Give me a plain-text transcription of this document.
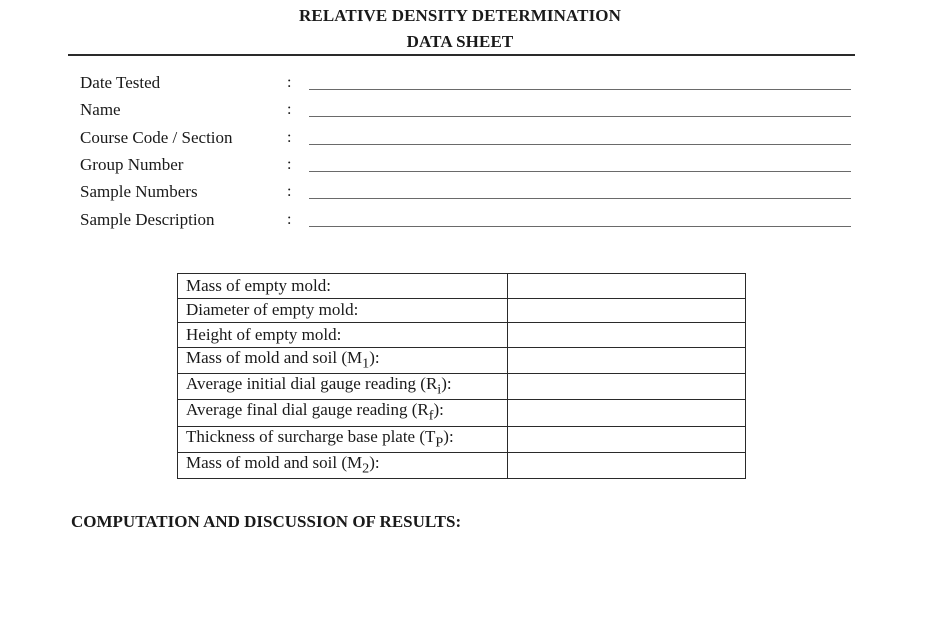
RELATIVE DENSITY DETERMINATION
DATA SHEET
Date Tested	:
Name	:
Course Code / Section	:
Group Number	:
Sample Numbers	:
Sample Description	:
Mass of empty mold:	
Diameter of empty mold:	
Height of empty mold:	
Mass of mold and soil $(M_1)$:	
Average initial dial gauge reading $(R_i)$:	
Average final dial gauge reading $(R_f)$:	
Thickness of surcharge base plate $(T_P)$:	
Mass of mold and soil $(M_2)$:	
COMPUTATION AND DISCUSSION OF RESULTS:
